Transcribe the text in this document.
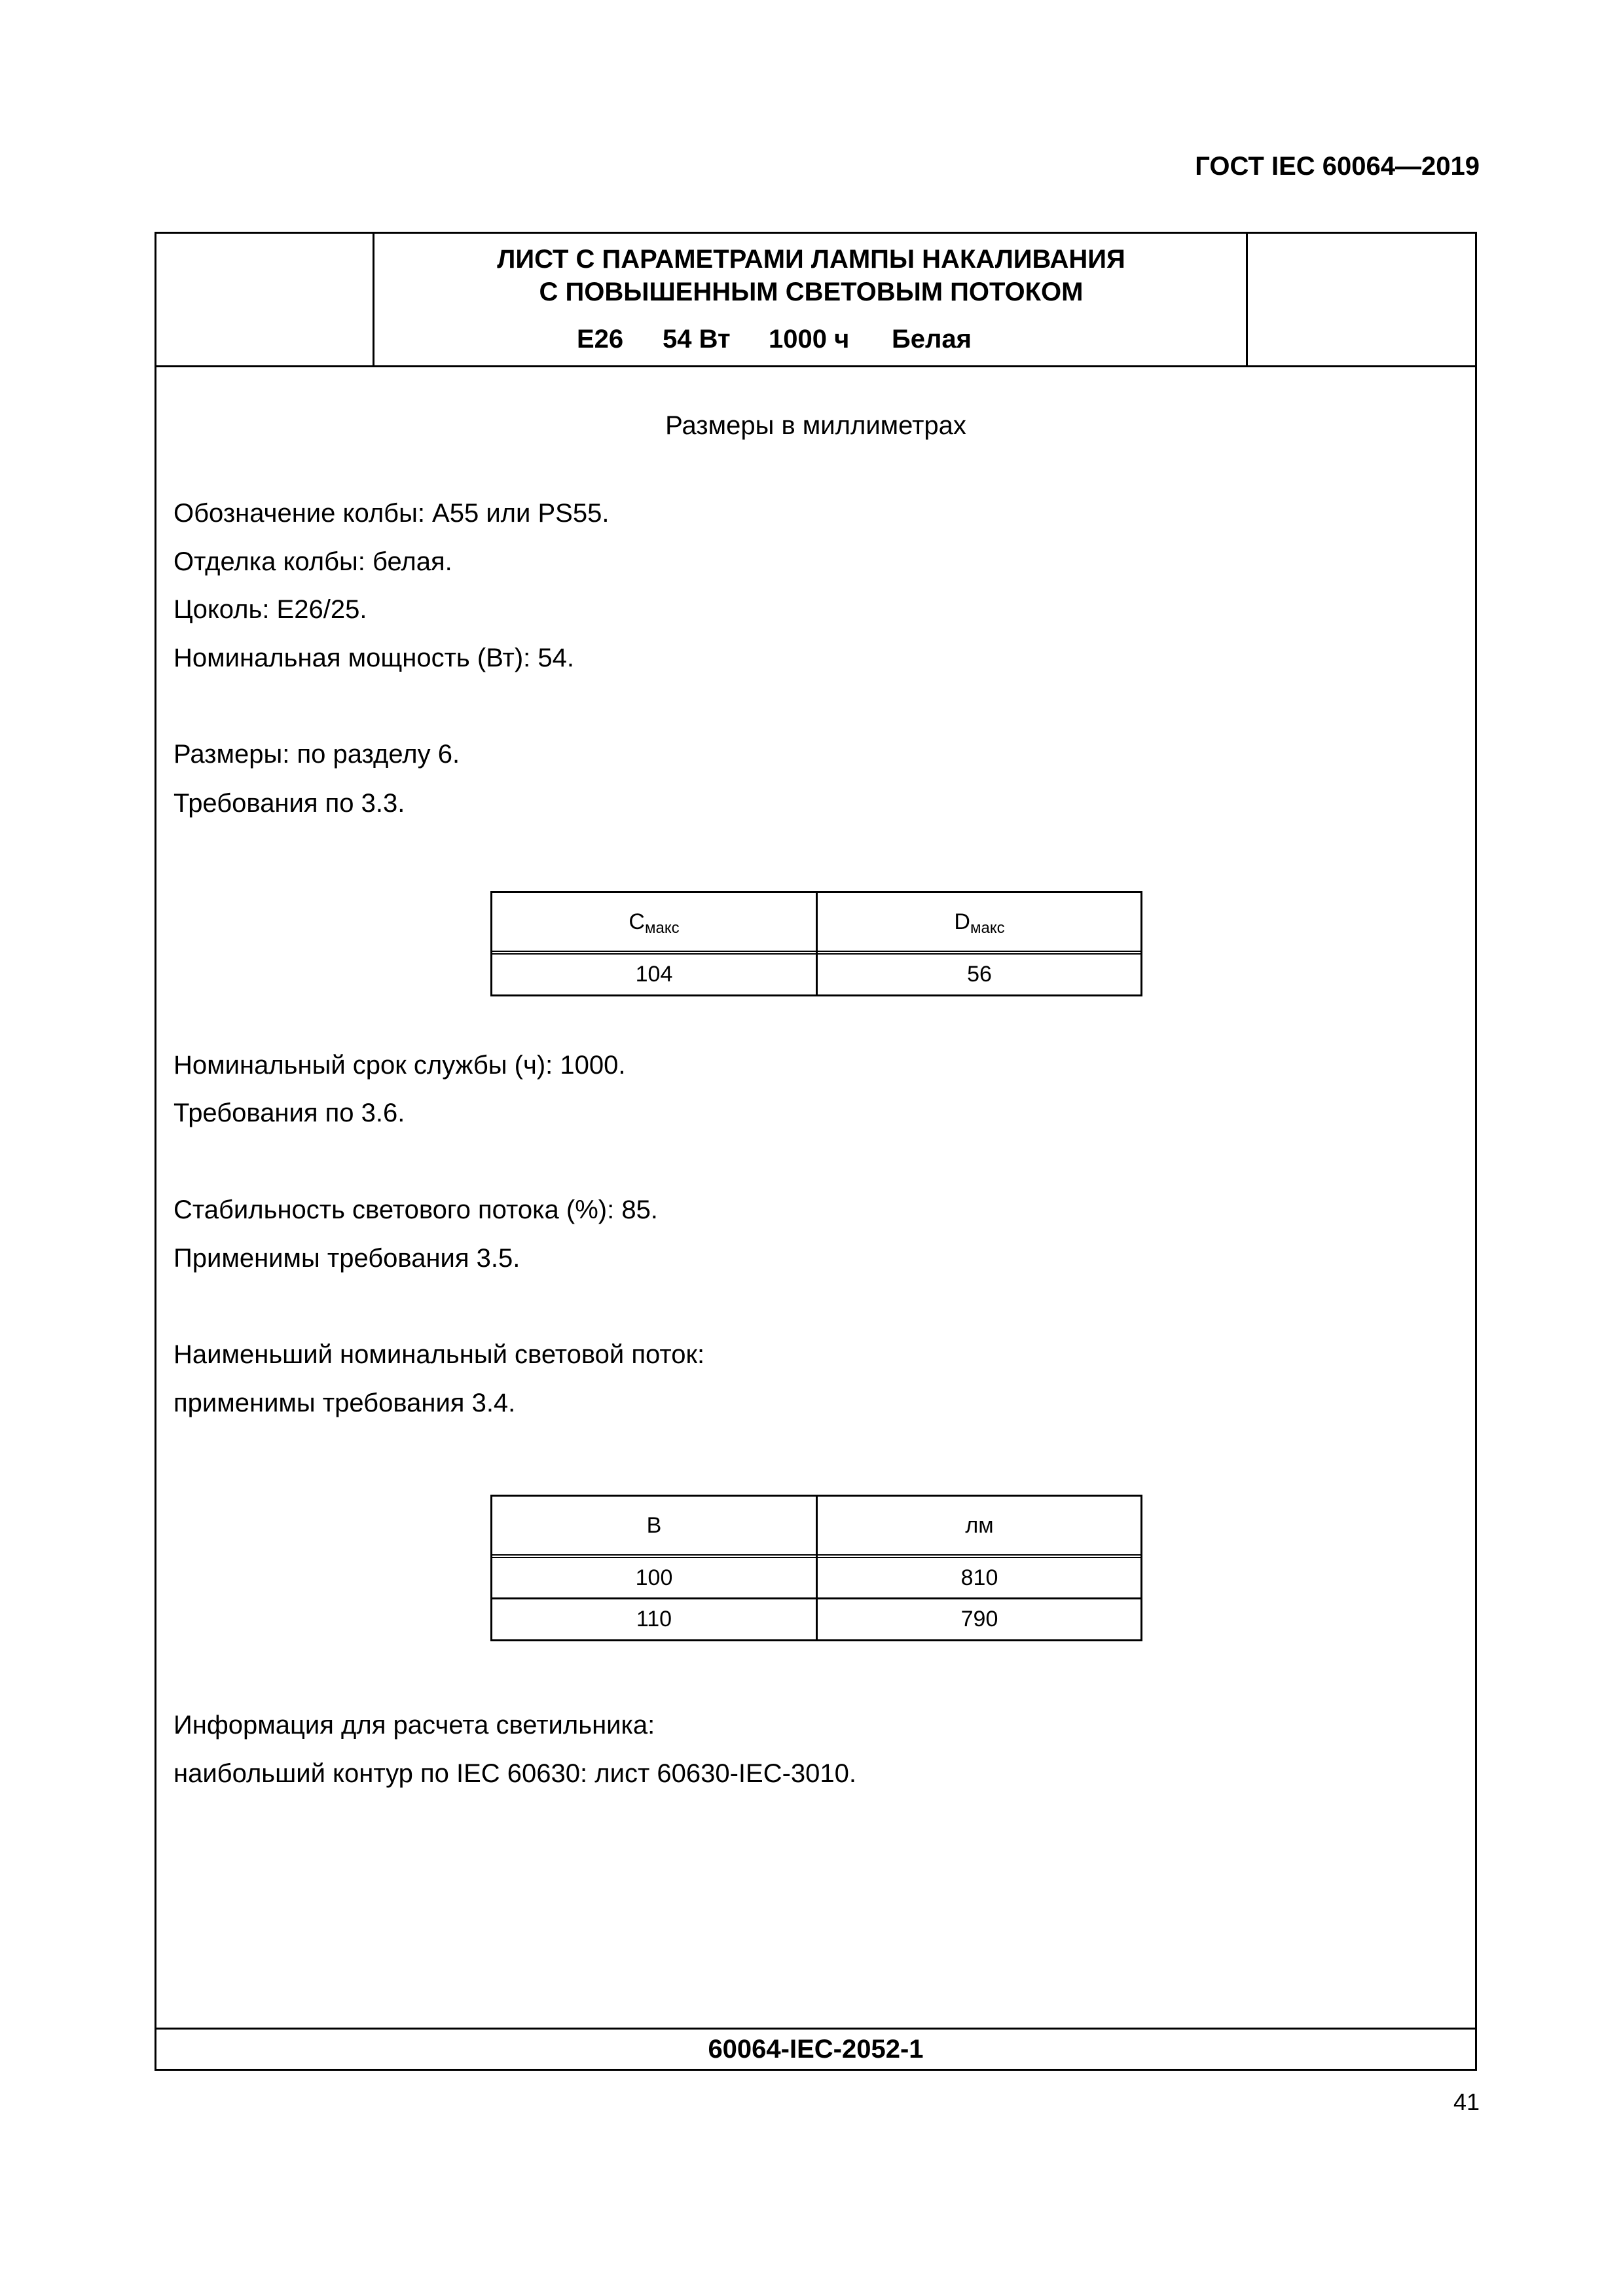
ГОСТ IEC 60064—2019
ЛИСТ С ПАРАМЕТРАМИ ЛАМПЫ НАКАЛИВАНИЯ
С ПОВЫШЕННЫМ СВЕТОВЫМ ПОТОКОМ
E26 54 Вт 1000 ч Белая
Размеры в миллиметрах
Обозначение колбы: A55 или PS55.
Отделка колбы: белая.
Цоколь: E26/25.
Номинальная мощность (Вт): 54.
Размеры: по разделу 6.
Требования по 3.3.
$C_{макс}$	$D_{макс}$
104	56
Номинальный срок службы (ч): 1000.
Требования по 3.6.
Стабильность светового потока (%): 85.
Применимы требования 3.5.
Наименьший номинальный световой поток:
применимы требования 3.4.
В	лм
100	810
110	790
Информация для расчета светильника:
наибольший контур по IEC 60630: лист 60630-IEC-3010.
60064-IEC-2052-1
41
